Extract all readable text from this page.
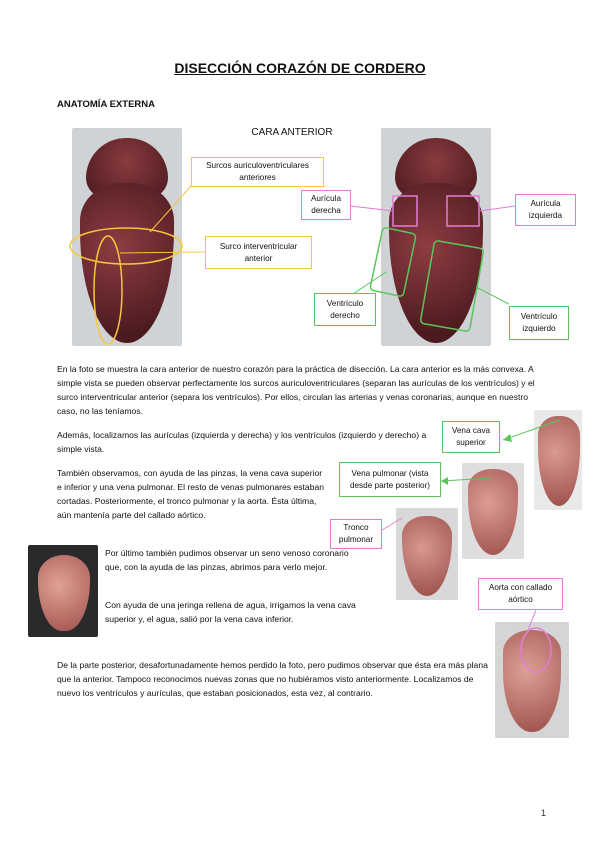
DISECCIÓN CORAZÓN DE CORDERO
ANATOMÍA EXTERNA
CARA ANTERIOR
Surcos auriculoventriculares anteriores
Surco interventricular anterior
Aurícula derecha
Aurícula izquierda
Ventrículo derecho	Ventrículo izquierdo
Vena cava superior
Vena pulmonar (vista desde parte posterior)
Tronco pulmonar
Aorta con callado aórtico

En la foto se muestra la cara anterior de nuestro corazón para la práctica de disección. La cara anterior es la más convexa. A simple vista se pueden observar perfectamente los surcos auriculoventriculares (separan las aurículas de los ventrículos) y el surco interventricular anterior (separa los ventrículos). Por ellos, circulan las arterias y venas coronarias, aunque en nuestro caso, no las teníamos.

Además, localizamos las aurículas (izquierda y derecha) y los ventrículos (izquierdo y derecho) a simple vista.

También observamos, con ayuda de las pinzas, la vena cava superior e inferior y una vena pulmonar. El resto de venas pulmonares estaban cortadas. Posteriormente, el tronco pulmonar y la aorta. Ésta última, aún mantenía parte del callado aórtico.

Por último también pudimos observar un seno venoso coronario que, con la ayuda de las pinzas, abrimos para verlo mejor.

Con ayuda de una jeringa rellena de agua, irrigamos la vena cava superior y, el agua, salió por la vena cava inferior.

De la parte posterior, desafortunadamente hemos perdido la foto, pero pudimos observar que ésta era más plana que la anterior. Tampoco reconocimos nuevas zonas que no hubiéramos visto anteriormente. Localizamos de nuevo los ventrículos y aurículas, que estaban posicionados, esta vez, al contrario.

1
